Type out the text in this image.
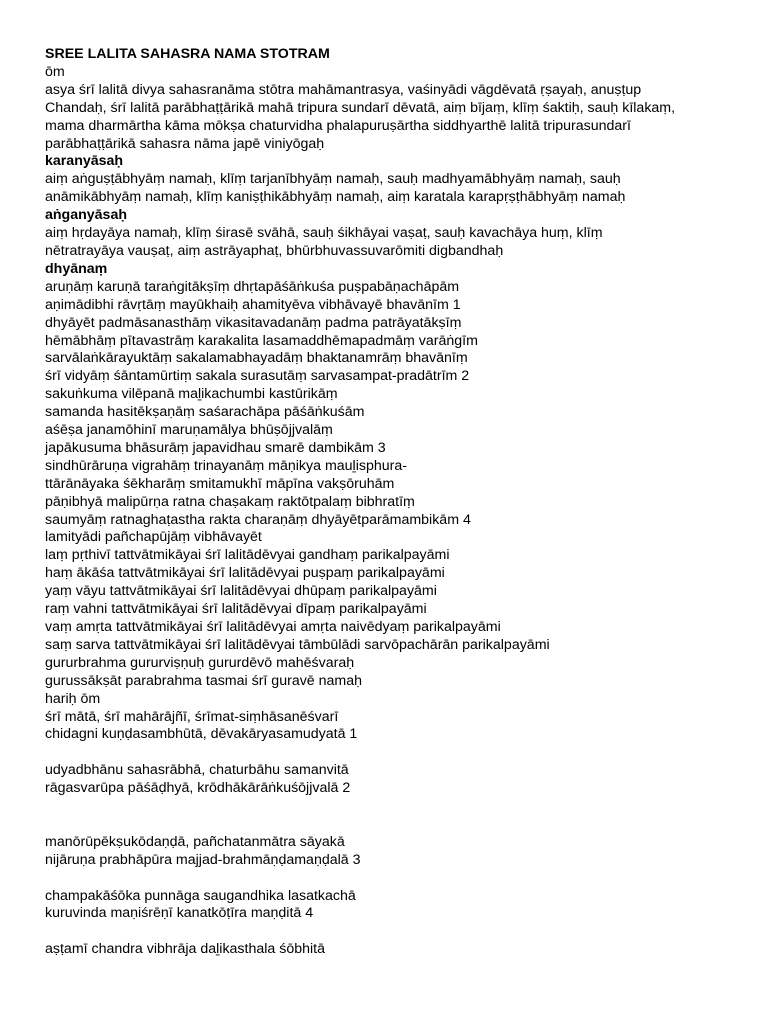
SREE LALITA SAHASRA NAMA STOTRAM
ōm
asya śrī lalitā divya sahasranāma stōtra mahāmantrasya, vaśinyādi vāgdēvatā ṛṣayaḥ, anuṣṭup
Chandaḥ, śrī lalitā parābhaṭṭārikā mahā tripura sundarī dēvatā, aiṃ bījaṃ, klīṃ śaktiḥ, sauḥ kīlakaṃ,
mama dharmārtha kāma mōkṣa chaturvidha phalapuruṣārtha siddhyarthē lalitā tripurasundarī
parābhaṭṭārikā sahasra nāma japē viniyōgaḥ
karanyāsaḥ
aiṃ aṅguṣṭābhyāṃ namaḥ, klīṃ tarjanībhyāṃ namaḥ, sauḥ madhyamābhyāṃ namaḥ, sauḥ
anāmikābhyāṃ namaḥ, klīṃ kaniṣṭhikābhyāṃ namaḥ, aiṃ karatala karapṛṣṭhābhyāṃ namaḥ
aṅganyāsaḥ
aiṃ hṛdayāya namaḥ, klīṃ śirasē svāhā, sauḥ śikhāyai vaṣaṭ, sauḥ kavachāya huṃ, klīṃ
nētratrayāya vauṣaṭ, aiṃ astrāyaphaṭ, bhūrbhuvassuvarōmiti digbandhaḥ
dhyānaṃ
aruṇāṃ karuṇā taraṅgitākṣīṃ dhṛtapāśāṅkuśa puṣpabāṇachāpām
aṇimādibhi rāvṛtāṃ mayūkhaiḥ ahamityēva vibhāvayē bhavānīm 1
dhyāyēt padmāsanasthāṃ vikasitavadanāṃ padma patrāyatākṣīṃ
hēmābhāṃ pītavastrāṃ karakalita lasamaddhēmapadmāṃ varāṅgīm
sarvālaṅkārayuktāṃ sakalamabhayadāṃ bhaktanamrāṃ bhavānīṃ
śrī vidyāṃ śāntamūrtiṃ sakala surasutāṃ sarvasampat-pradātrīm 2
sakuṅkuma vilēpanā maḻikachumbi kastūrikāṃ
samanda hasitēkṣaṇāṃ saśarachāpa pāśāṅkuśām
aśēṣa janamōhinī maruṇamālya bhūṣōjjvalāṃ
japākusuma bhāsurāṃ japavidhau smarē dambikām 3
sindhūrāruṇa vigrahāṃ trinayanāṃ māṇikya mauḻisphura-
ttārānāyaka śēkharāṃ smitamukhī māpīna vakṣōruhām
pāṇibhyā malipūrṇa ratna chaṣakaṃ raktōtpalaṃ bibhratīṃ
saumyāṃ ratnaghaṭastha rakta charaṇāṃ dhyāyētparāmambikām 4
lamityādi pañchapūjāṃ vibhāvayēt
laṃ pṛthivī tattvātmikāyai śrī lalitādēvyai gandhaṃ parikalpayāmi
haṃ ākāśa tattvātmikāyai śrī lalitādēvyai puṣpaṃ parikalpayāmi
yaṃ vāyu tattvātmikāyai śrī lalitādēvyai dhūpaṃ parikalpayāmi
raṃ vahni tattvātmikāyai śrī lalitādēvyai dīpaṃ parikalpayāmi
vaṃ amṛta tattvātmikāyai śrī lalitādēvyai amṛta naivēdyaṃ parikalpayāmi
saṃ sarva tattvātmikāyai śrī lalitādēvyai tāmbūlādi sarvōpachārān parikalpayāmi
gururbrahma gururviṣṇuḥ gururdēvō mahēśvaraḥ
gurussākṣāt parabrahma tasmai śrī guravē namaḥ
hariḥ ōm
śrī mātā, śrī mahārājñī, śrīmat-siṃhāsanēśvarī
chidagni kuṇḍasambhūtā, dēvakāryasamudyatā 1
udyadbhānu sahasrābhā, chaturbāhu samanvitā
rāgasvarūpa pāśāḍhyā, krōdhākārāṅkuśōjjvalā 2
manōrūpēkṣukōdaṇḍā, pañchatanmātra sāyakā
nijāruṇa prabhāpūra majjad-brahmāṇḍamaṇḍalā 3
champakāśōka punnāga saugandhika lasatkachā
kuruvinda maṇiśrēṇī kanatkōṭīra maṇḍitā 4
aṣṭamī chandra vibhrāja daḻikasthala śōbhitā
